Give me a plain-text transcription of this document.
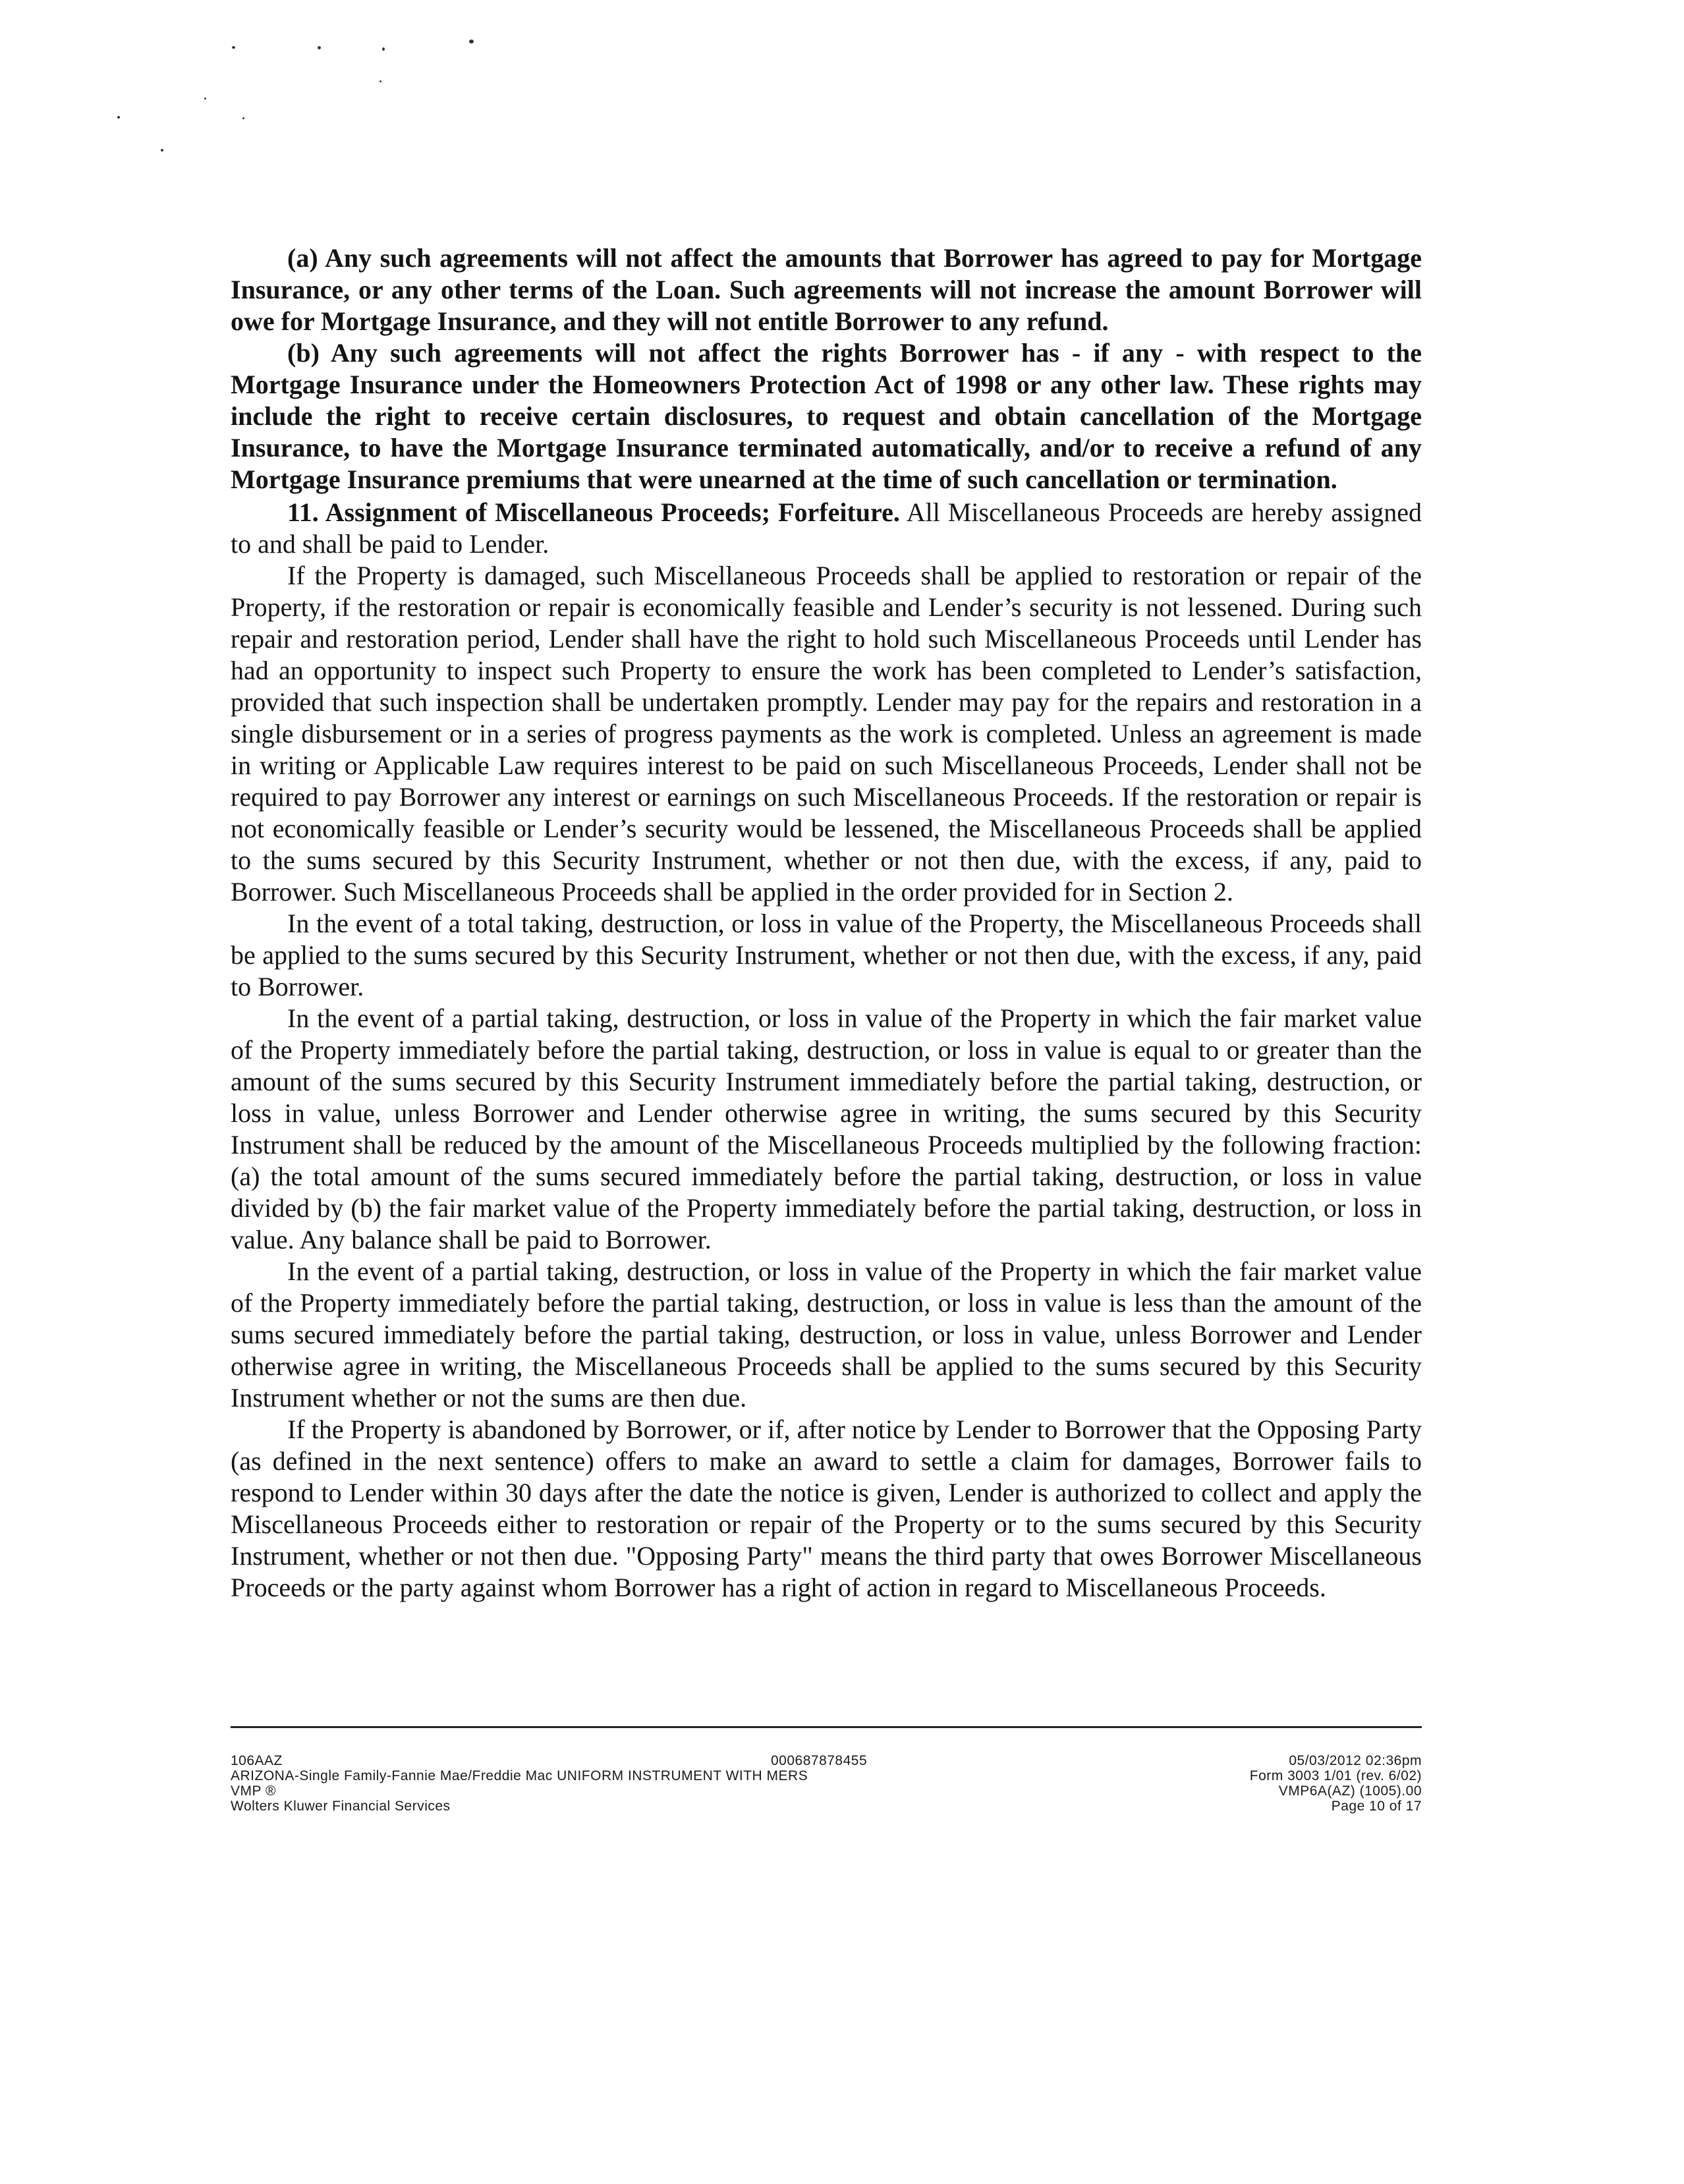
(a) Any such agreements will not affect the amounts that Borrower has agreed to pay for Mortgage Insurance, or any other terms of the Loan. Such agreements will not increase the amount Borrower will owe for Mortgage Insurance, and they will not entitle Borrower to any refund.

(b) Any such agreements will not affect the rights Borrower has - if any - with respect to the Mortgage Insurance under the Homeowners Protection Act of 1998 or any other law. These rights may include the right to receive certain disclosures, to request and obtain cancellation of the Mortgage Insurance, to have the Mortgage Insurance terminated automatically, and/or to receive a refund of any Mortgage Insurance premiums that were unearned at the time of such cancellation or termination.

11. Assignment of Miscellaneous Proceeds; Forfeiture. All Miscellaneous Proceeds are hereby assigned to and shall be paid to Lender.

If the Property is damaged, such Miscellaneous Proceeds shall be applied to restoration or repair of the Property, if the restoration or repair is economically feasible and Lender’s security is not lessened. During such repair and restoration period, Lender shall have the right to hold such Miscellaneous Proceeds until Lender has had an opportunity to inspect such Property to ensure the work has been completed to Lender’s satisfaction, provided that such inspection shall be undertaken promptly. Lender may pay for the repairs and restoration in a single disbursement or in a series of progress payments as the work is completed. Unless an agreement is made in writing or Applicable Law requires interest to be paid on such Miscellaneous Proceeds, Lender shall not be required to pay Borrower any interest or earnings on such Miscellaneous Proceeds. If the restoration or repair is not economically feasible or Lender’s security would be lessened, the Miscellaneous Proceeds shall be applied to the sums secured by this Security Instrument, whether or not then due, with the excess, if any, paid to Borrower. Such Miscellaneous Proceeds shall be applied in the order provided for in Section 2.

In the event of a total taking, destruction, or loss in value of the Property, the Miscellaneous Proceeds shall be applied to the sums secured by this Security Instrument, whether or not then due, with the excess, if any, paid to Borrower.

In the event of a partial taking, destruction, or loss in value of the Property in which the fair market value of the Property immediately before the partial taking, destruction, or loss in value is equal to or greater than the amount of the sums secured by this Security Instrument immediately before the partial taking, destruction, or loss in value, unless Borrower and Lender otherwise agree in writing, the sums secured by this Security Instrument shall be reduced by the amount of the Miscellaneous Proceeds multiplied by the following fraction: (a) the total amount of the sums secured immediately before the partial taking, destruction, or loss in value divided by (b) the fair market value of the Property immediately before the partial taking, destruction, or loss in value. Any balance shall be paid to Borrower.

In the event of a partial taking, destruction, or loss in value of the Property in which the fair market value of the Property immediately before the partial taking, destruction, or loss in value is less than the amount of the sums secured immediately before the partial taking, destruction, or loss in value, unless Borrower and Lender otherwise agree in writing, the Miscellaneous Proceeds shall be applied to the sums secured by this Security Instrument whether or not the sums are then due.

If the Property is abandoned by Borrower, or if, after notice by Lender to Borrower that the Opposing Party (as defined in the next sentence) offers to make an award to settle a claim for damages, Borrower fails to respond to Lender within 30 days after the date the notice is given, Lender is authorized to collect and apply the Miscellaneous Proceeds either to restoration or repair of the Property or to the sums secured by this Security Instrument, whether or not then due. "Opposing Party" means the third party that owes Borrower Miscellaneous Proceeds or the party against whom Borrower has a right of action in regard to Miscellaneous Proceeds.

106AAZ	000687878455	05/03/2012 02:36pm
ARIZONA-Single Family-Fannie Mae/Freddie Mac UNIFORM INSTRUMENT WITH MERS	Form 3003 1/01 (rev. 6/02)
VMP ®	VMP6A(AZ) (1005).00
Wolters Kluwer Financial Services	Page 10 of 17
